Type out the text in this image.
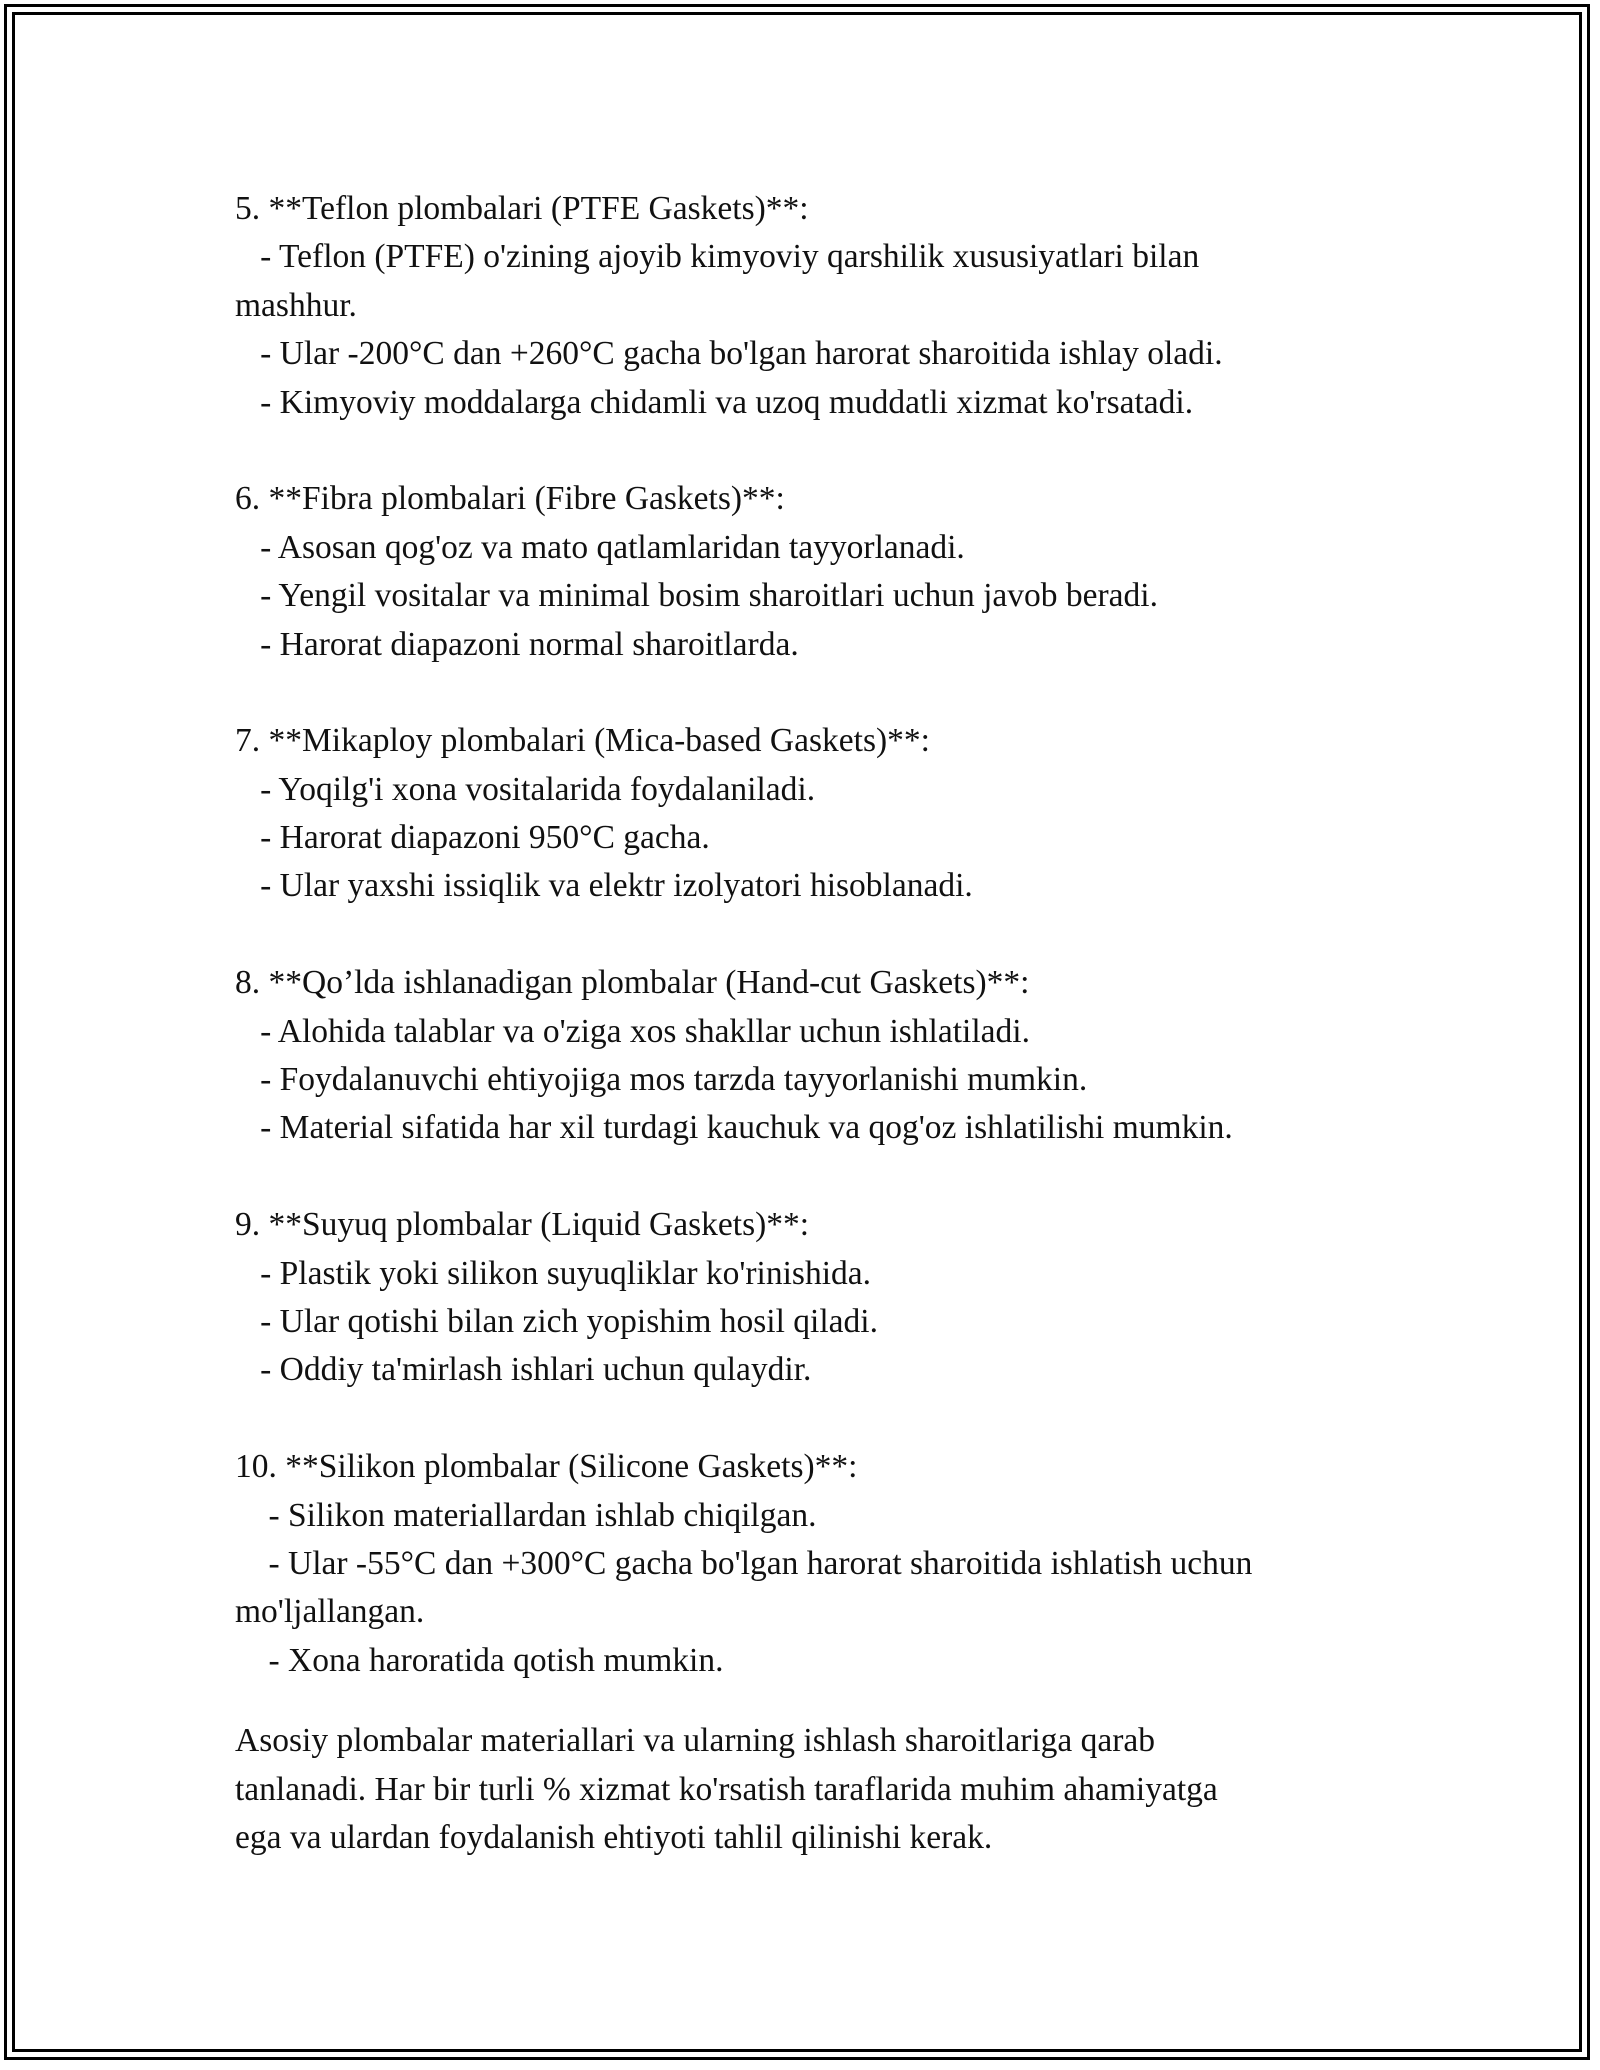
5. **Teflon plombalari (PTFE Gaskets)**:
- Teflon (PTFE) o'zining ajoyib kimyoviy qarshilik xususiyatlari bilan
mashhur.
- Ular -200°C dan +260°C gacha bo'lgan harorat sharoitida ishlay oladi.
- Kimyoviy moddalarga chidamli va uzoq muddatli xizmat ko'rsatadi.
6. **Fibra plombalari (Fibre Gaskets)**:
- Asosan qog'oz va mato qatlamlaridan tayyorlanadi.
- Yengil vositalar va minimal bosim sharoitlari uchun javob beradi.
- Harorat diapazoni normal sharoitlarda.
7. **Mikaploy plombalari (Mica-based Gaskets)**:
- Yoqilg'i xona vositalarida foydalaniladi.
- Harorat diapazoni 950°C gacha.
- Ular yaxshi issiqlik va elektr izolyatori hisoblanadi.
8. **Qo’lda ishlanadigan plombalar (Hand-cut Gaskets)**:
- Alohida talablar va o'ziga xos shakllar uchun ishlatiladi.
- Foydalanuvchi ehtiyojiga mos tarzda tayyorlanishi mumkin.
- Material sifatida har xil turdagi kauchuk va qog'oz ishlatilishi mumkin.
9. **Suyuq plombalar (Liquid Gaskets)**:
- Plastik yoki silikon suyuqliklar ko'rinishida.
- Ular qotishi bilan zich yopishim hosil qiladi.
- Oddiy ta'mirlash ishlari uchun qulaydir.
10. **Silikon plombalar (Silicone Gaskets)**:
- Silikon materiallardan ishlab chiqilgan.
- Ular -55°C dan +300°C gacha bo'lgan harorat sharoitida ishlatish uchun
mo'ljallangan.
- Xona haroratida qotish mumkin.
Asosiy plombalar materiallari va ularning ishlash sharoitlariga qarab
tanlanadi. Har bir turli % xizmat ko'rsatish taraflarida muhim ahamiyatga
ega va ulardan foydalanish ehtiyoti tahlil qilinishi kerak.
